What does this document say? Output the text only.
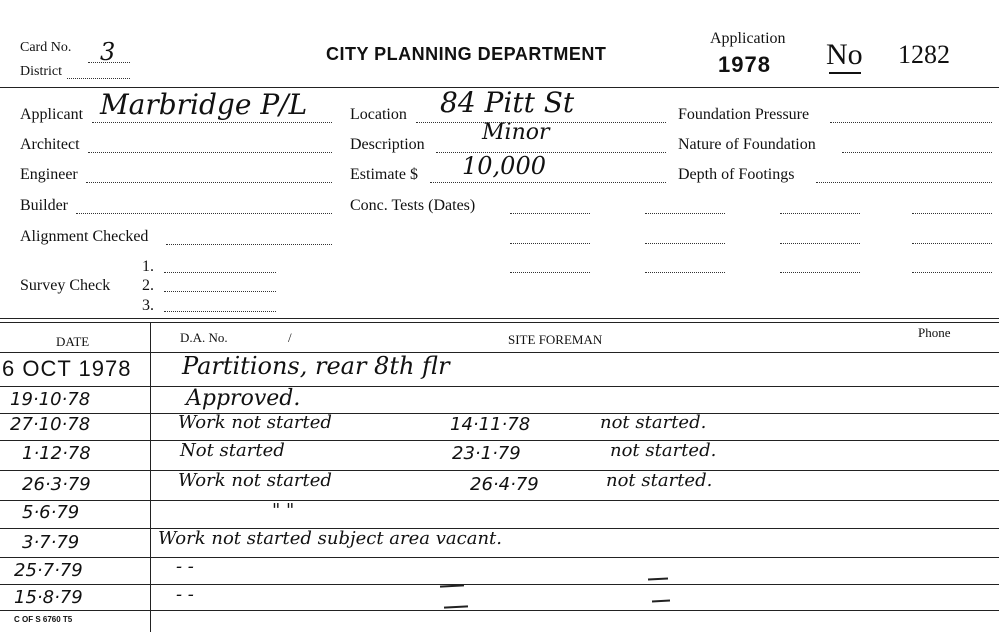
Card No. 3
District
CITY PLANNING DEPARTMENT
Application
1978 No 1282
Applicant Marbridge P/L
Architect
Engineer
Builder
Alignment Checked
Survey Check
1.
2.
3.
Location 84 Pitt St
Description	Minor
Estimate $ 10,000
Conc. Tests (Dates)
Foundation Pressure
Nature of Foundation
Depth of Footings
DATE	D.A. No.	/	SITE FOREMAN	Phone
6 OCT 1978 Partitions, rear 8th flr
19·10·78	Approved.
27·10·78	Work not started	14·11·78	not started.
1·12·78	Not started	23·1·79	not started.
26·3·79	Work not started	26·4·79	not started.
5·6·79	" "
3·7·79	Work not started subject area vacant.
25·7·79	- -
15·8·79	- -
C OF S 6760 T5
